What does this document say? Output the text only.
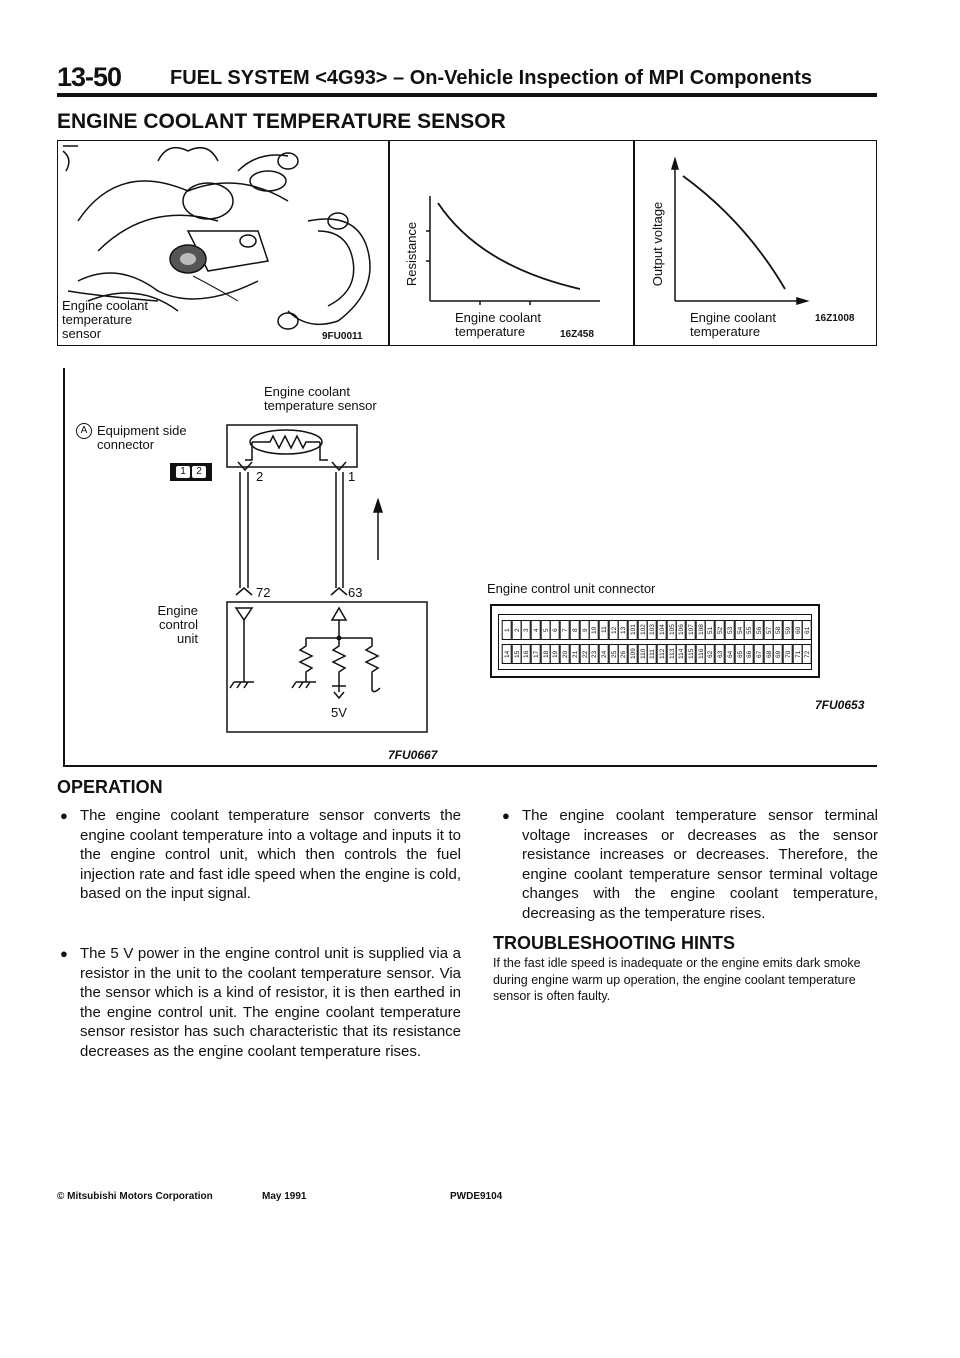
13-50 FUEL SYSTEM <4G93> – On-Vehicle Inspection of MPI Components
ENGINE COOLANT TEMPERATURE SENSOR
Engine coolant
temperature
sensor	9FU0011
Resistance
Engine coolant
temperature	16Z458
Output voltage
Engine coolant
temperature
16Z1008
Engine coolant
temperature sensor
A Equipment side
connector
1	2	2	1
72	63
Engine
control
unit
5V
Engine control unit connector
1 2 3 4 5 6 7 8 9 10 11 12 13 101 102 103 104 105 106 107 108 51 52 53 54 55 56 57 58 59 60 61
14 15 16 17 18 19 20 21 22 23 24 25 26 109 110 111 112 113 114 115 116 62 63 64 65 66 67 68 69 70 71 72
7FU0653
7FU0667
OPERATION
● The engine coolant temperature sensor converts the engine coolant temperature into a voltage and inputs it to the engine control unit, which then controls the fuel injection rate and fast idle speed when the engine is cold, based on the input signal.
● The 5 V power in the engine control unit is supplied via a resistor in the unit to the coolant temperature sensor. Via the sensor which is a kind of resistor, it is then earthed in the engine control unit. The engine coolant temperature sensor resistor has such characteristic that its resistance decreases as the engine coolant temperature rises.
● The engine coolant temperature sensor terminal voltage increases or decreases as the sensor resistance increases or decreases. Therefore, the engine coolant temperature sensor terminal voltage changes with the engine coolant temperature, decreasing as the temperature rises.
TROUBLESHOOTING HINTS
If the fast idle speed is inadequate or the engine emits dark smoke during engine warm up operation, the engine coolant temperature sensor is often faulty.
© Mitsubishi Motors Corporation	May 1991	PWDE9104
